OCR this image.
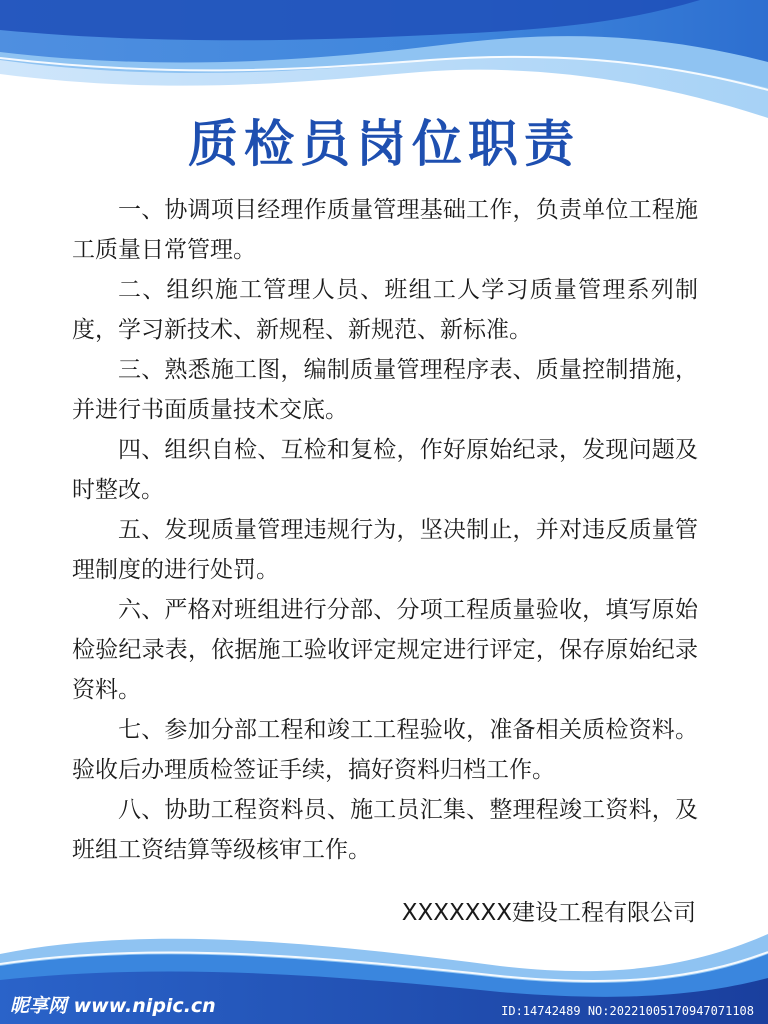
质检员岗位职责

一、协调项目经理作质量管理基础工作，负责单位工程施工质量日常管理。

二、组织施工管理人员、班组工人学习质量管理系列制度，学习新技术、新规程、新规范、新标准。

三、熟悉施工图，编制质量管理程序表、质量控制措施，并进行书面质量技术交底。

四、组织自检、互检和复检，作好原始纪录，发现问题及时整改。

五、发现质量管理违规行为，坚决制止，并对违反质量管理制度的进行处罚。

六、严格对班组进行分部、分项工程质量验收，填写原始检验纪录表，依据施工验收评定规定进行评定，保存原始纪录资料。

七、参加分部工程和竣工工程验收，准备相关质检资料。验收后办理质检签证手续，搞好资料归档工作。

八、协助工程资料员、施工员汇集、整理程竣工资料，及班组工资结算等级核审工作。

XXXXXXX建设工程有限公司
昵享网 www.nipic.cn	ID:14742489 NO:20221005170947071108
